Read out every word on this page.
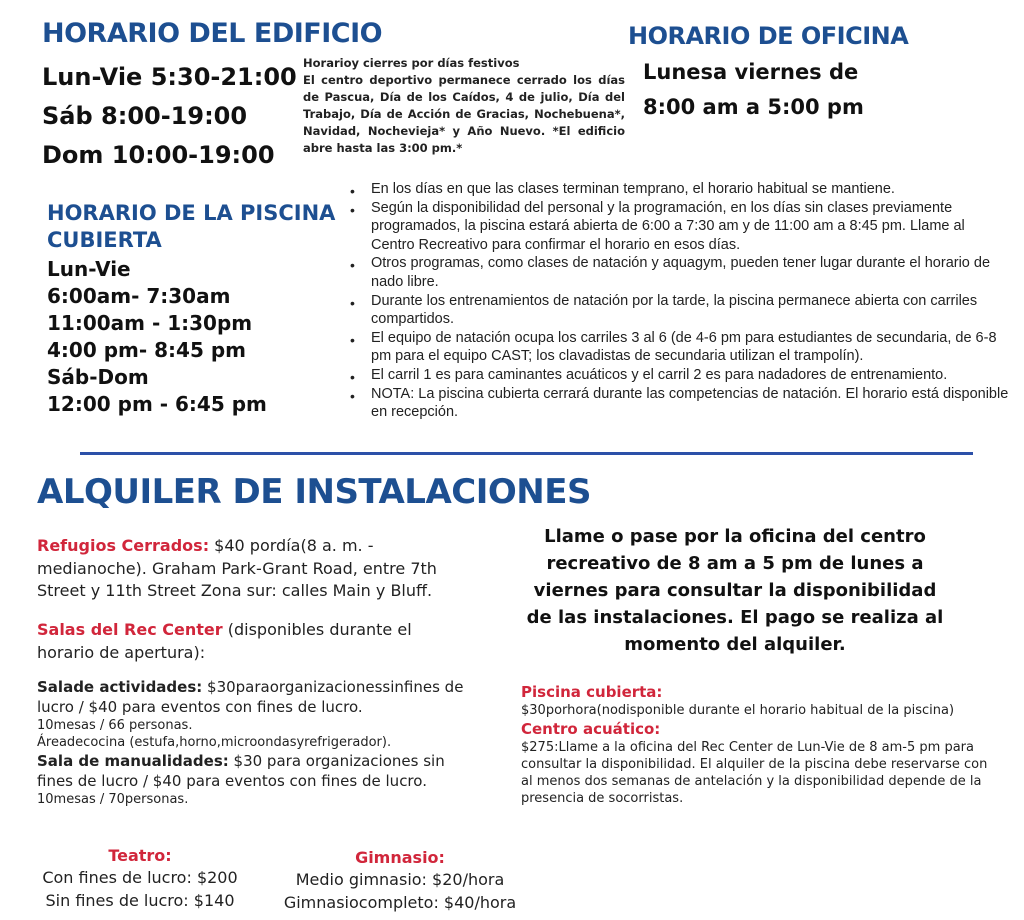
HORARIO DEL EDIFICIO
Lun-Vie 5:30-21:00
Sáb 8:00-19:00
Dom 10:00-19:00
Horarioy cierres por días festivos
El centro deportivo permanece cerrado los días de Pascua, Día de los Caídos, 4 de julio, Día del Trabajo, Día de Acción de Gracias, Nochebuena*, Navidad, Nochevieja* y Año Nuevo. *El edificio abre hasta las 3:00 pm.*
HORARIO DE OFICINA
Lunesa viernes de
8:00 am a 5:00 pm
HORARIO DE LA PISCINA CUBIERTA
Lun-Vie
6:00am- 7:30am
11:00am - 1:30pm
4:00 pm- 8:45 pm
Sáb-Dom
12:00 pm - 6:45 pm
• En los días en que las clases terminan temprano, el horario habitual se mantiene.
• Según la disponibilidad del personal y la programación, en los días sin clases previamente programados, la piscina estará abierta de 6:00 a 7:30 am y de 11:00 am a 8:45 pm. Llame al Centro Recreativo para confirmar el horario en esos días.
• Otros programas, como clases de natación y aquagym, pueden tener lugar durante el horario de nado libre.
• Durante los entrenamientos de natación por la tarde, la piscina permanece abierta con carriles compartidos.
• El equipo de natación ocupa los carriles 3 al 6 (de 4-6 pm para estudiantes de secundaria, de 6-8 pm para el equipo CAST; los clavadistas de secundaria utilizan el trampolín).
• El carril 1 es para caminantes acuáticos y el carril 2 es para nadadores de entrenamiento.
• NOTA: La piscina cubierta cerrará durante las competencias de natación. El horario está disponible en recepción.
ALQUILER DE INSTALACIONES
Refugios Cerrados: $40 pordía(8 a. m. - medianoche). Graham Park-Grant Road, entre 7th Street y 11th Street Zona sur: calles Main y Bluff.
Salas del Rec Center (disponibles durante el horario de apertura):
Salade actividades: $30paraorganizacionessinfines de lucro / $40 para eventos con fines de lucro.
10mesas / 66 personas.
Áreadecocina (estufa,horno,microondasyrefrigerador).
Sala de manualidades: $30 para organizaciones sin fines de lucro / $40 para eventos con fines de lucro.
10mesas / 70personas.
Llame o pase por la oficina del centro recreativo de 8 am a 5 pm de lunes a viernes para consultar la disponibilidad de las instalaciones. El pago se realiza al momento del alquiler.
Piscina cubierta:
$30porhora(nodisponible durante el horario habitual de la piscina)
Centro acuático:
$275:Llame a la oficina del Rec Center de Lun-Vie de 8 am-5 pm para consultar la disponibilidad. El alquiler de la piscina debe reservarse con al menos dos semanas de antelación y la disponibilidad depende de la presencia de socorristas.
Teatro:
Con fines de lucro: $200
Sin fines de lucro: $140
Gimnasio:
Medio gimnasio: $20/hora
Gimnasiocompleto: $40/hora
